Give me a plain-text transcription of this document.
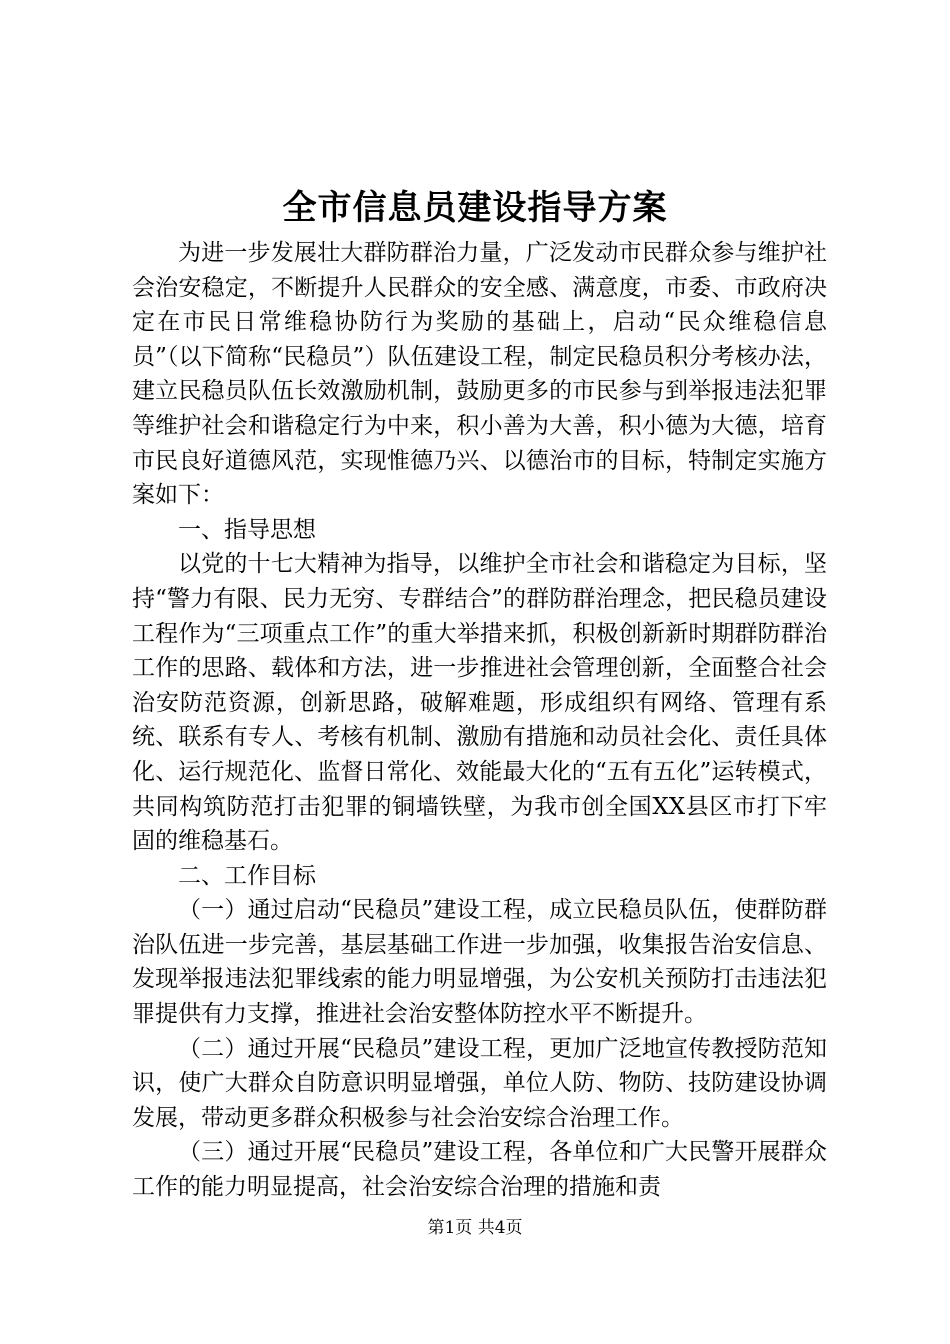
全市信息员建设指导方案

为进一步发展壮大群防群治力量，广泛发动市民群众参与维护社会治安稳定，不断提升人民群众的安全感、满意度，市委、市政府决定在市民日常维稳协防行为奖励的基础上，启动“民众维稳信息员”（以下简称“民稳员”）队伍建设工程，制定民稳员积分考核办法，建立民稳员队伍长效激励机制，鼓励更多的市民参与到举报违法犯罪等维护社会和谐稳定行为中来，积小善为大善，积小德为大德，培育市民良好道德风范，实现惟德乃兴、以德治市的目标，特制定实施方案如下：

一、指导思想

以党的十七大精神为指导，以维护全市社会和谐稳定为目标，坚持“警力有限、民力无穷、专群结合”的群防群治理念，把民稳员建设工程作为“三项重点工作”的重大举措来抓，积极创新新时期群防群治工作的思路、载体和方法，进一步推进社会管理创新，全面整合社会治安防范资源，创新思路，破解难题，形成组织有网络、管理有系统、联系有专人、考核有机制、激励有措施和动员社会化、责任具体化、运行规范化、监督日常化、效能最大化的“五有五化”运转模式，共同构筑防范打击犯罪的铜墙铁壁，为我市创全国XX县区市打下牢固的维稳基石。

二、工作目标

（一）通过启动“民稳员”建设工程，成立民稳员队伍，使群防群治队伍进一步完善，基层基础工作进一步加强，收集报告治安信息、发现举报违法犯罪线索的能力明显增强，为公安机关预防打击违法犯罪提供有力支撑，推进社会治安整体防控水平不断提升。

（二）通过开展“民稳员”建设工程，更加广泛地宣传教授防范知识，使广大群众自防意识明显增强，单位人防、物防、技防建设协调发展，带动更多群众积极参与社会治安综合治理工作。

（三）通过开展“民稳员”建设工程，各单位和广大民警开展群众工作的能力明显提高，社会治安综合治理的措施和责

第1页 共4页
